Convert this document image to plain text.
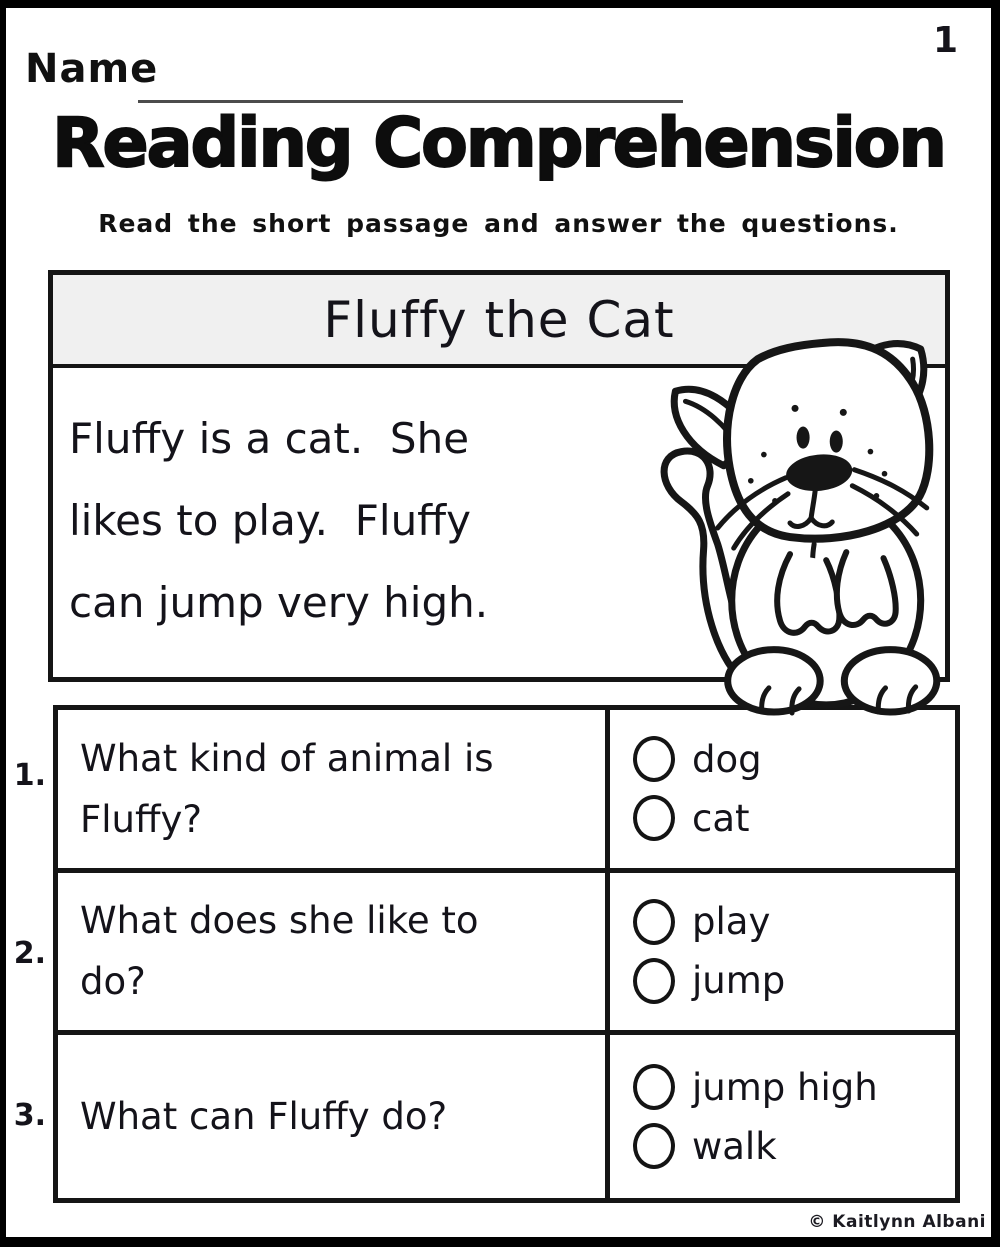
Name
1
Reading Comprehension
Read the short passage and answer the questions.
Fluffy the Cat
Fluffy is a cat.  She
likes to play.  Fluffy
can jump very high.
1.
2.
3.
What kind of animal is
Fluffy?
dog
cat
What does she like to
do?
play
jump
What can Fluffy do?
jump high
walk
© Kaitlynn Albani
